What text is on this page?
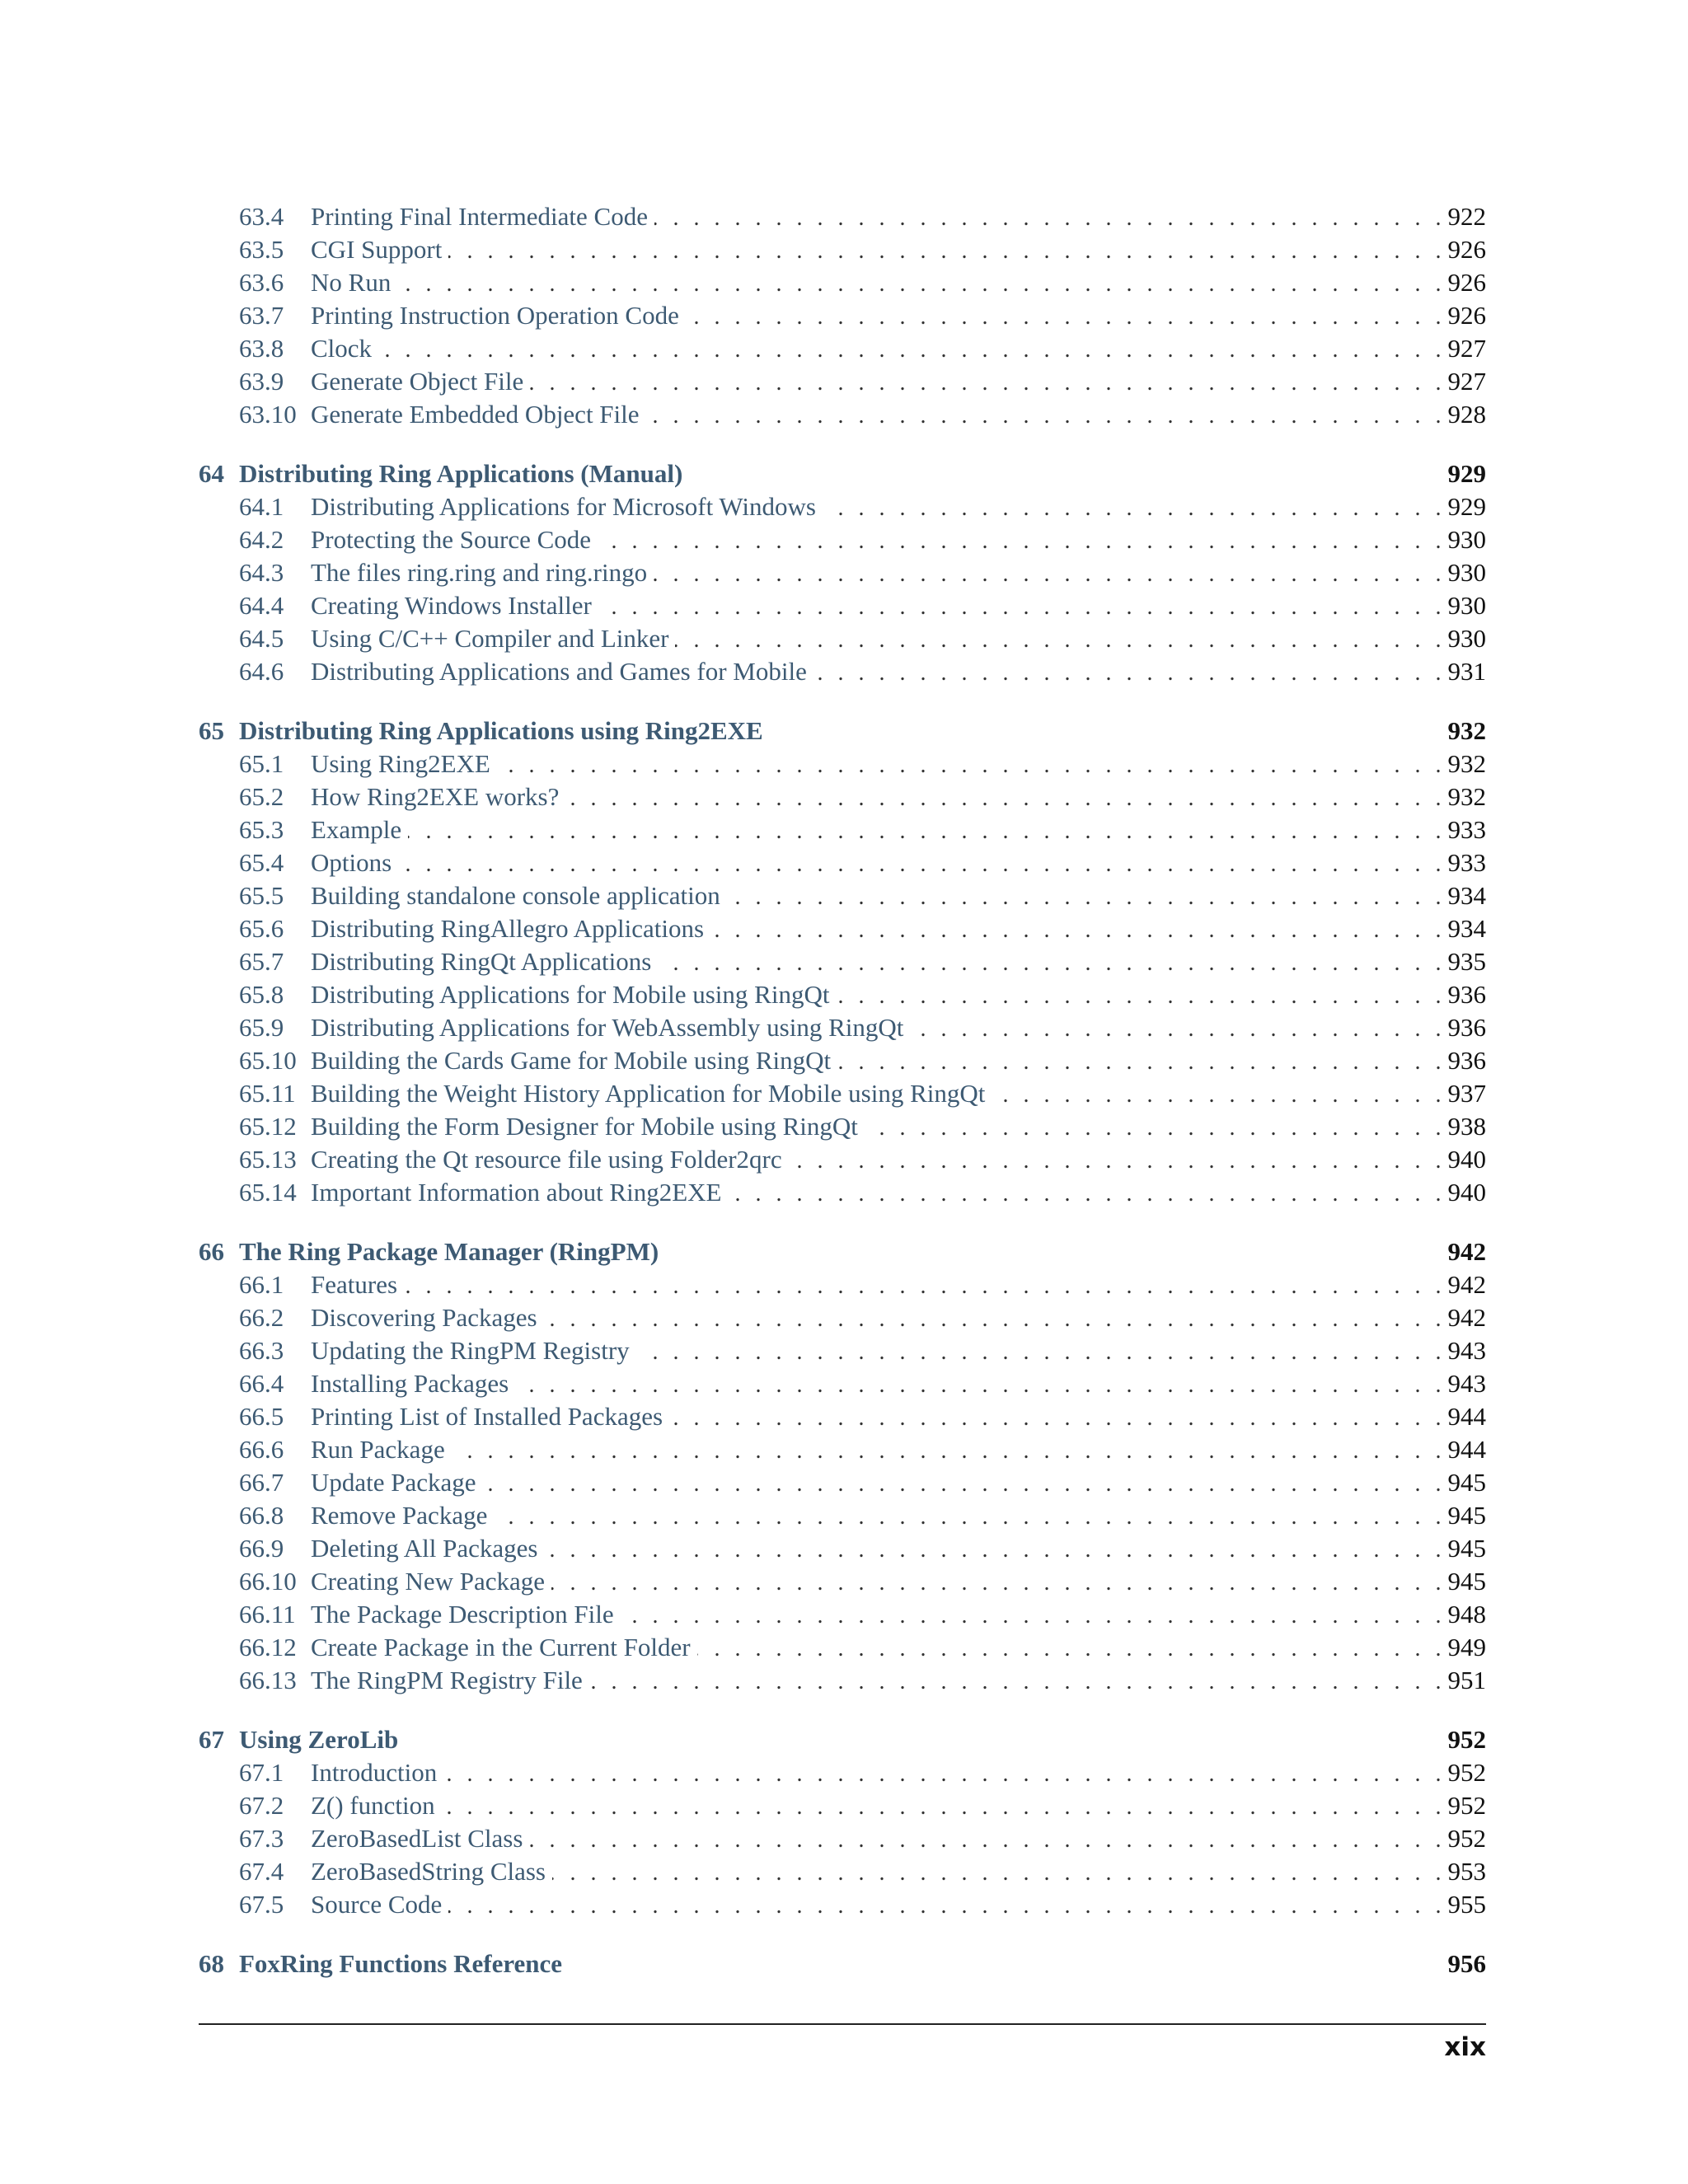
63.4	Printing Final Intermediate Code . . .	922
63.5	CGI Support . . .	926
63.6	No Run . . .	926
63.7	Printing Instruction Operation Code . . .	926
63.8	Clock . . .	927
63.9	Generate Object File . . .	927
63.10 Generate Embedded Object File . . .	928
64 Distributing Ring Applications (Manual)	929
64.1	Distributing Applications for Microsoft Windows . . .	929
64.2	Protecting the Source Code . . .	930
64.3	The files ring.ring and ring.ringo . . .	930
64.4	Creating Windows Installer . . .	930
64.5	Using C/C++ Compiler and Linker . . .	930
64.6	Distributing Applications and Games for Mobile . . .	931
65 Distributing Ring Applications using Ring2EXE	932
65.1	Using Ring2EXE . . .	932
65.2	How Ring2EXE works? . . .	932
65.3	Example . . .	933
65.4	Options . . .	933
65.5	Building standalone console application . . .	934
65.6	Distributing RingAllegro Applications . . .	934
65.7	Distributing RingQt Applications . . .	935
65.8	Distributing Applications for Mobile using RingQt . . .	936
65.9	Distributing Applications for WebAssembly using RingQt . . .	936
65.10 Building the Cards Game for Mobile using RingQt . . .	936
65.11 Building the Weight History Application for Mobile using RingQt . . .	937
65.12 Building the Form Designer for Mobile using RingQt . . .	938
65.13 Creating the Qt resource file using Folder2qrc . . .	940
65.14 Important Information about Ring2EXE . . .	940
66 The Ring Package Manager (RingPM)	942
66.1	Features . . .	942
66.2	Discovering Packages . . .	942
66.3	Updating the RingPM Registry . . .	943
66.4	Installing Packages . . .	943
66.5	Printing List of Installed Packages . . .	944
66.6	Run Package . . .	944
66.7	Update Package . . .	945
66.8	Remove Package . . .	945
66.9	Deleting All Packages . . .	945
66.10 Creating New Package . . .	945
66.11 The Package Description File . . .	948
66.12 Create Package in the Current Folder . . .	949
66.13 The RingPM Registry File . . .	951
67 Using ZeroLib	952
67.1	Introduction . . .	952
67.2	Z() function . . .	952
67.3	ZeroBasedList Class . . .	952
67.4	ZeroBasedString Class . . .	953
67.5	Source Code . . .	955
68 FoxRing Functions Reference	956
xix
